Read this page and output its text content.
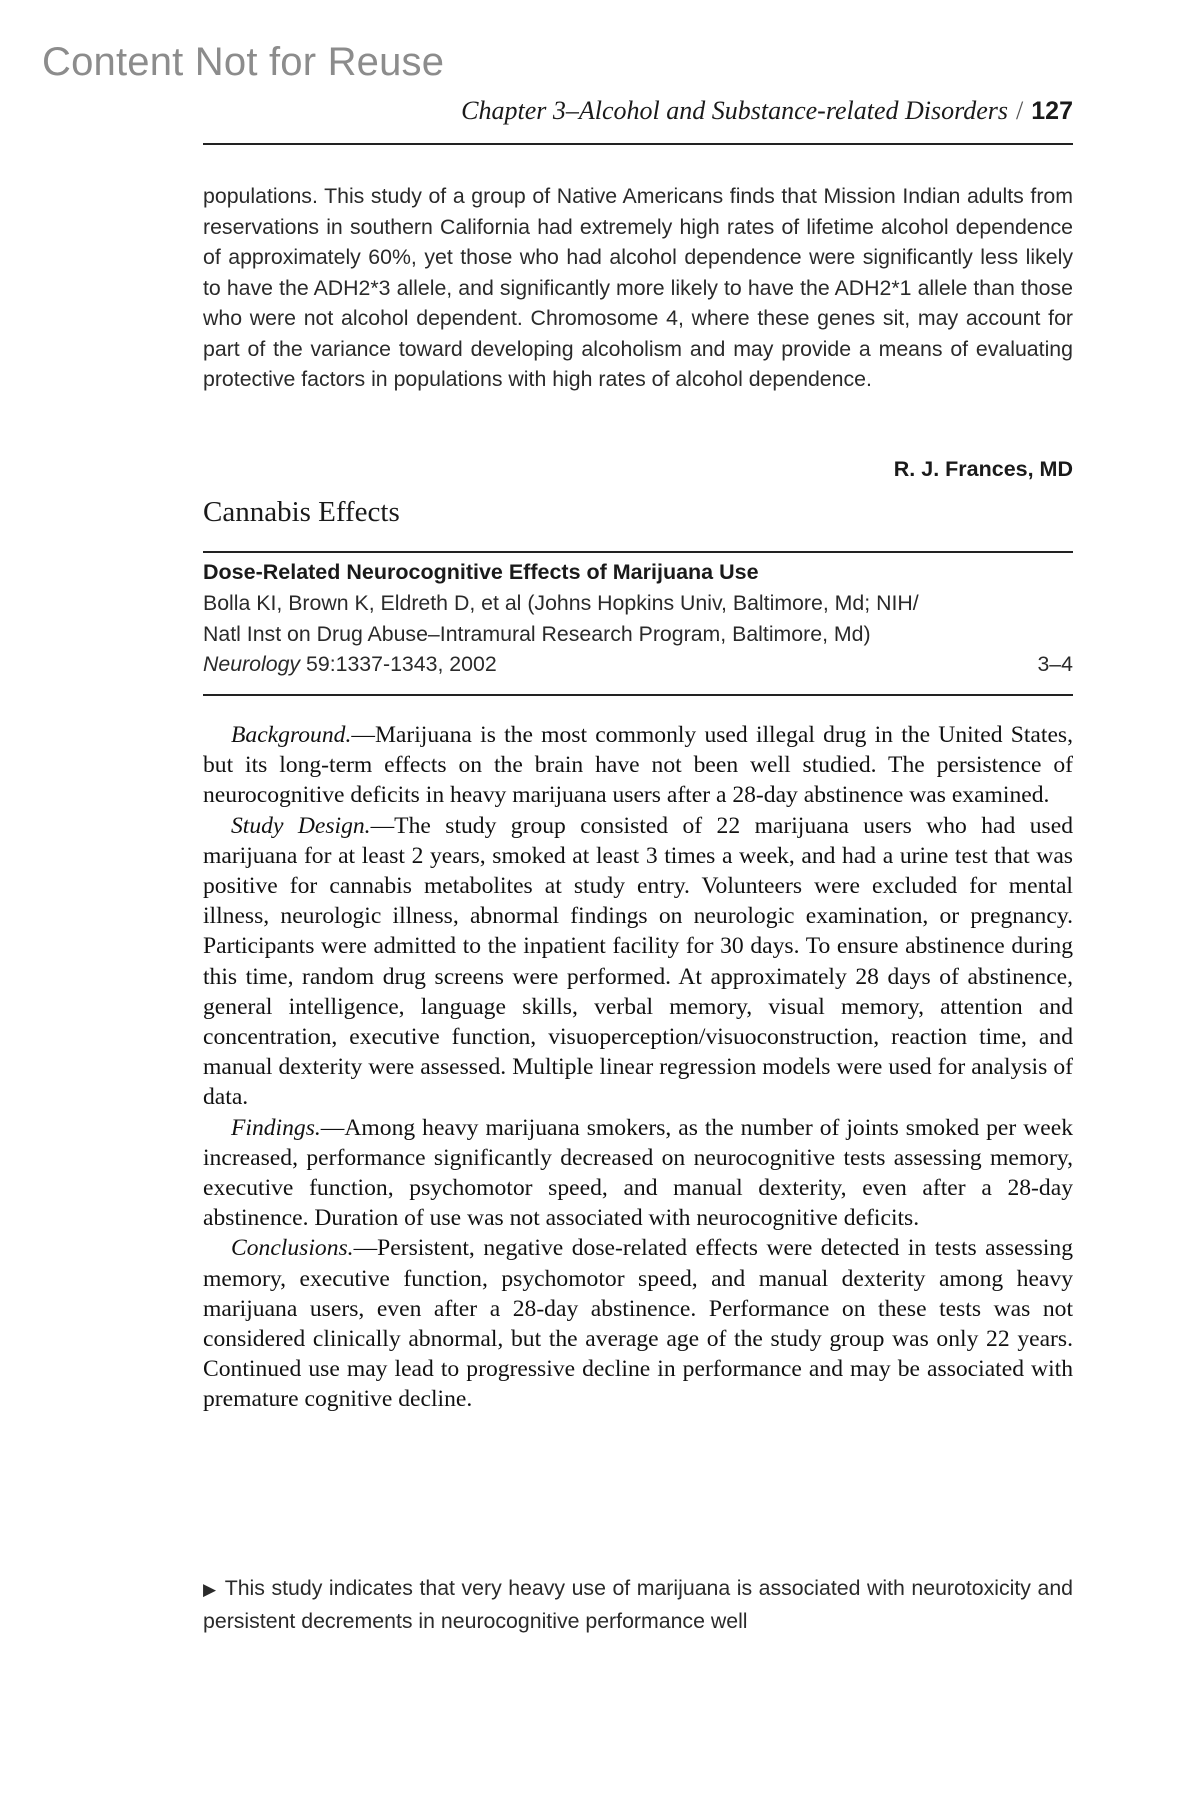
Content Not for Reuse
Chapter 3–Alcohol and Substance-related Disorders / 127
populations. This study of a group of Native Americans finds that Mission Indian adults from reservations in southern California had extremely high rates of lifetime alcohol dependence of approximately 60%, yet those who had alcohol dependence were significantly less likely to have the ADH2*3 allele, and significantly more likely to have the ADH2*1 allele than those who were not alcohol dependent. Chromosome 4, where these genes sit, may account for part of the variance toward developing alcoholism and may provide a means of evaluating protective factors in populations with high rates of alcohol dependence.
R. J. Frances, MD
Cannabis Effects
Dose-Related Neurocognitive Effects of Marijuana Use
Bolla KI, Brown K, Eldreth D, et al (Johns Hopkins Univ, Baltimore, Md; NIH/
Natl Inst on Drug Abuse–Intramural Research Program, Baltimore, Md)
Neurology 59:1337-1343, 2002	3–4

Background.—Marijuana is the most commonly used illegal drug in the United States, but its long-term effects on the brain have not been well studied. The persistence of neurocognitive deficits in heavy marijuana users after a 28-day abstinence was examined.

Study Design.—The study group consisted of 22 marijuana users who had used marijuana for at least 2 years, smoked at least 3 times a week, and had a urine test that was positive for cannabis metabolites at study entry. Volunteers were excluded for mental illness, neurologic illness, abnormal findings on neurologic examination, or pregnancy. Participants were admitted to the inpatient facility for 30 days. To ensure abstinence during this time, random drug screens were performed. At approximately 28 days of abstinence, general intelligence, language skills, verbal memory, visual memory, attention and concentration, executive function, visuoperception/visuoconstruction, reaction time, and manual dexterity were assessed. Multiple linear regression models were used for analysis of data.

Findings.—Among heavy marijuana smokers, as the number of joints smoked per week increased, performance significantly decreased on neurocognitive tests assessing memory, executive function, psychomotor speed, and manual dexterity, even after a 28-day abstinence. Duration of use was not associated with neurocognitive deficits.

Conclusions.—Persistent, negative dose-related effects were detected in tests assessing memory, executive function, psychomotor speed, and manual dexterity among heavy marijuana users, even after a 28-day abstinence. Performance on these tests was not considered clinically abnormal, but the average age of the study group was only 22 years. Continued use may lead to progressive decline in performance and may be associated with premature cognitive decline.

▶ This study indicates that very heavy use of marijuana is associated with neurotoxicity and persistent decrements in neurocognitive performance well
